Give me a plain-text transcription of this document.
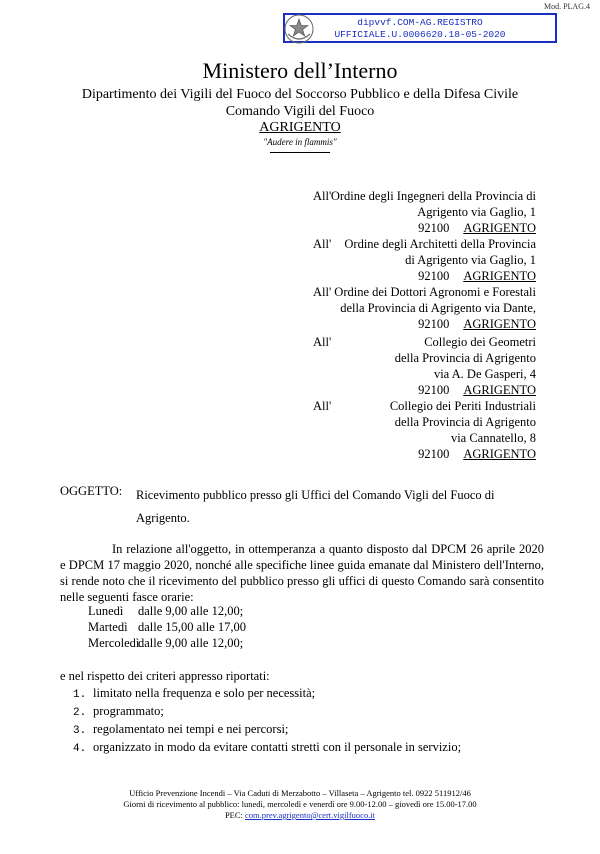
Mod. PLAG.4
dipvvf.COM-AG.REGISTRO
UFFICIALE.U.0006620.18-05-2020
Ministero dell’Interno
Dipartimento dei Vigili del Fuoco del Soccorso Pubblico e della Difesa Civile
Comando Vigili del Fuoco
AGRIGENTO
"Audere in flammis"
All' Ordine degli Ingegneri della Provincia di
Agrigento via Gaglio, 1
92100 AGRIGENTO
All'	Ordine degli Architetti della Provincia
di Agrigento via Gaglio, 1
92100 AGRIGENTO
All' Ordine dei Dottori Agronomi e Forestali
della Provincia di Agrigento via Dante,
92100 AGRIGENTO
All'	Collegio dei Geometri
della Provincia di Agrigento
via A. De Gasperi, 4
92100 AGRIGENTO
All'	Collegio dei Periti Industriali
della Provincia di Agrigento
via Cannatello, 8
92100 AGRIGENTO
OGGETTO: Ricevimento pubblico presso gli Uffici del Comando Vigli del Fuoco di Agrigento.
In relazione all'oggetto, in ottemperanza a quanto disposto dal DPCM 26 aprile 2020 e DPCM 17 maggio 2020, nonché alle specifiche linee guida emanate dal Ministero dell'Interno, si rende noto che il ricevimento del pubblico presso gli uffici di questo Comando sarà consentito nelle seguenti fasce orarie:
Lunedì dalle 9,00 alle 12,00;
Martedì dalle 15,00 alle 17,00
Mercoledìdalle 9,00 alle 12,00;
e nel rispetto dei criteri appresso riportati:
1. limitato nella frequenza e solo per necessità;
2. programmato;
3. regolamentato nei tempi e nei percorsi;
4. organizzato in modo da evitare contatti stretti con il personale in servizio;
Ufficio Prevenzione Incendi – Via Caduti di Merzabotto – Villaseta – Agrigento tel. 0922 511912/46
Giorni di ricevimento al pubblico: lunedì, mercoledì e venerdì ore 9.00-12.00 – giovedì ore 15.00-17.00
PEC: com.prev.agrigento@cert.vigilfuoco.it
